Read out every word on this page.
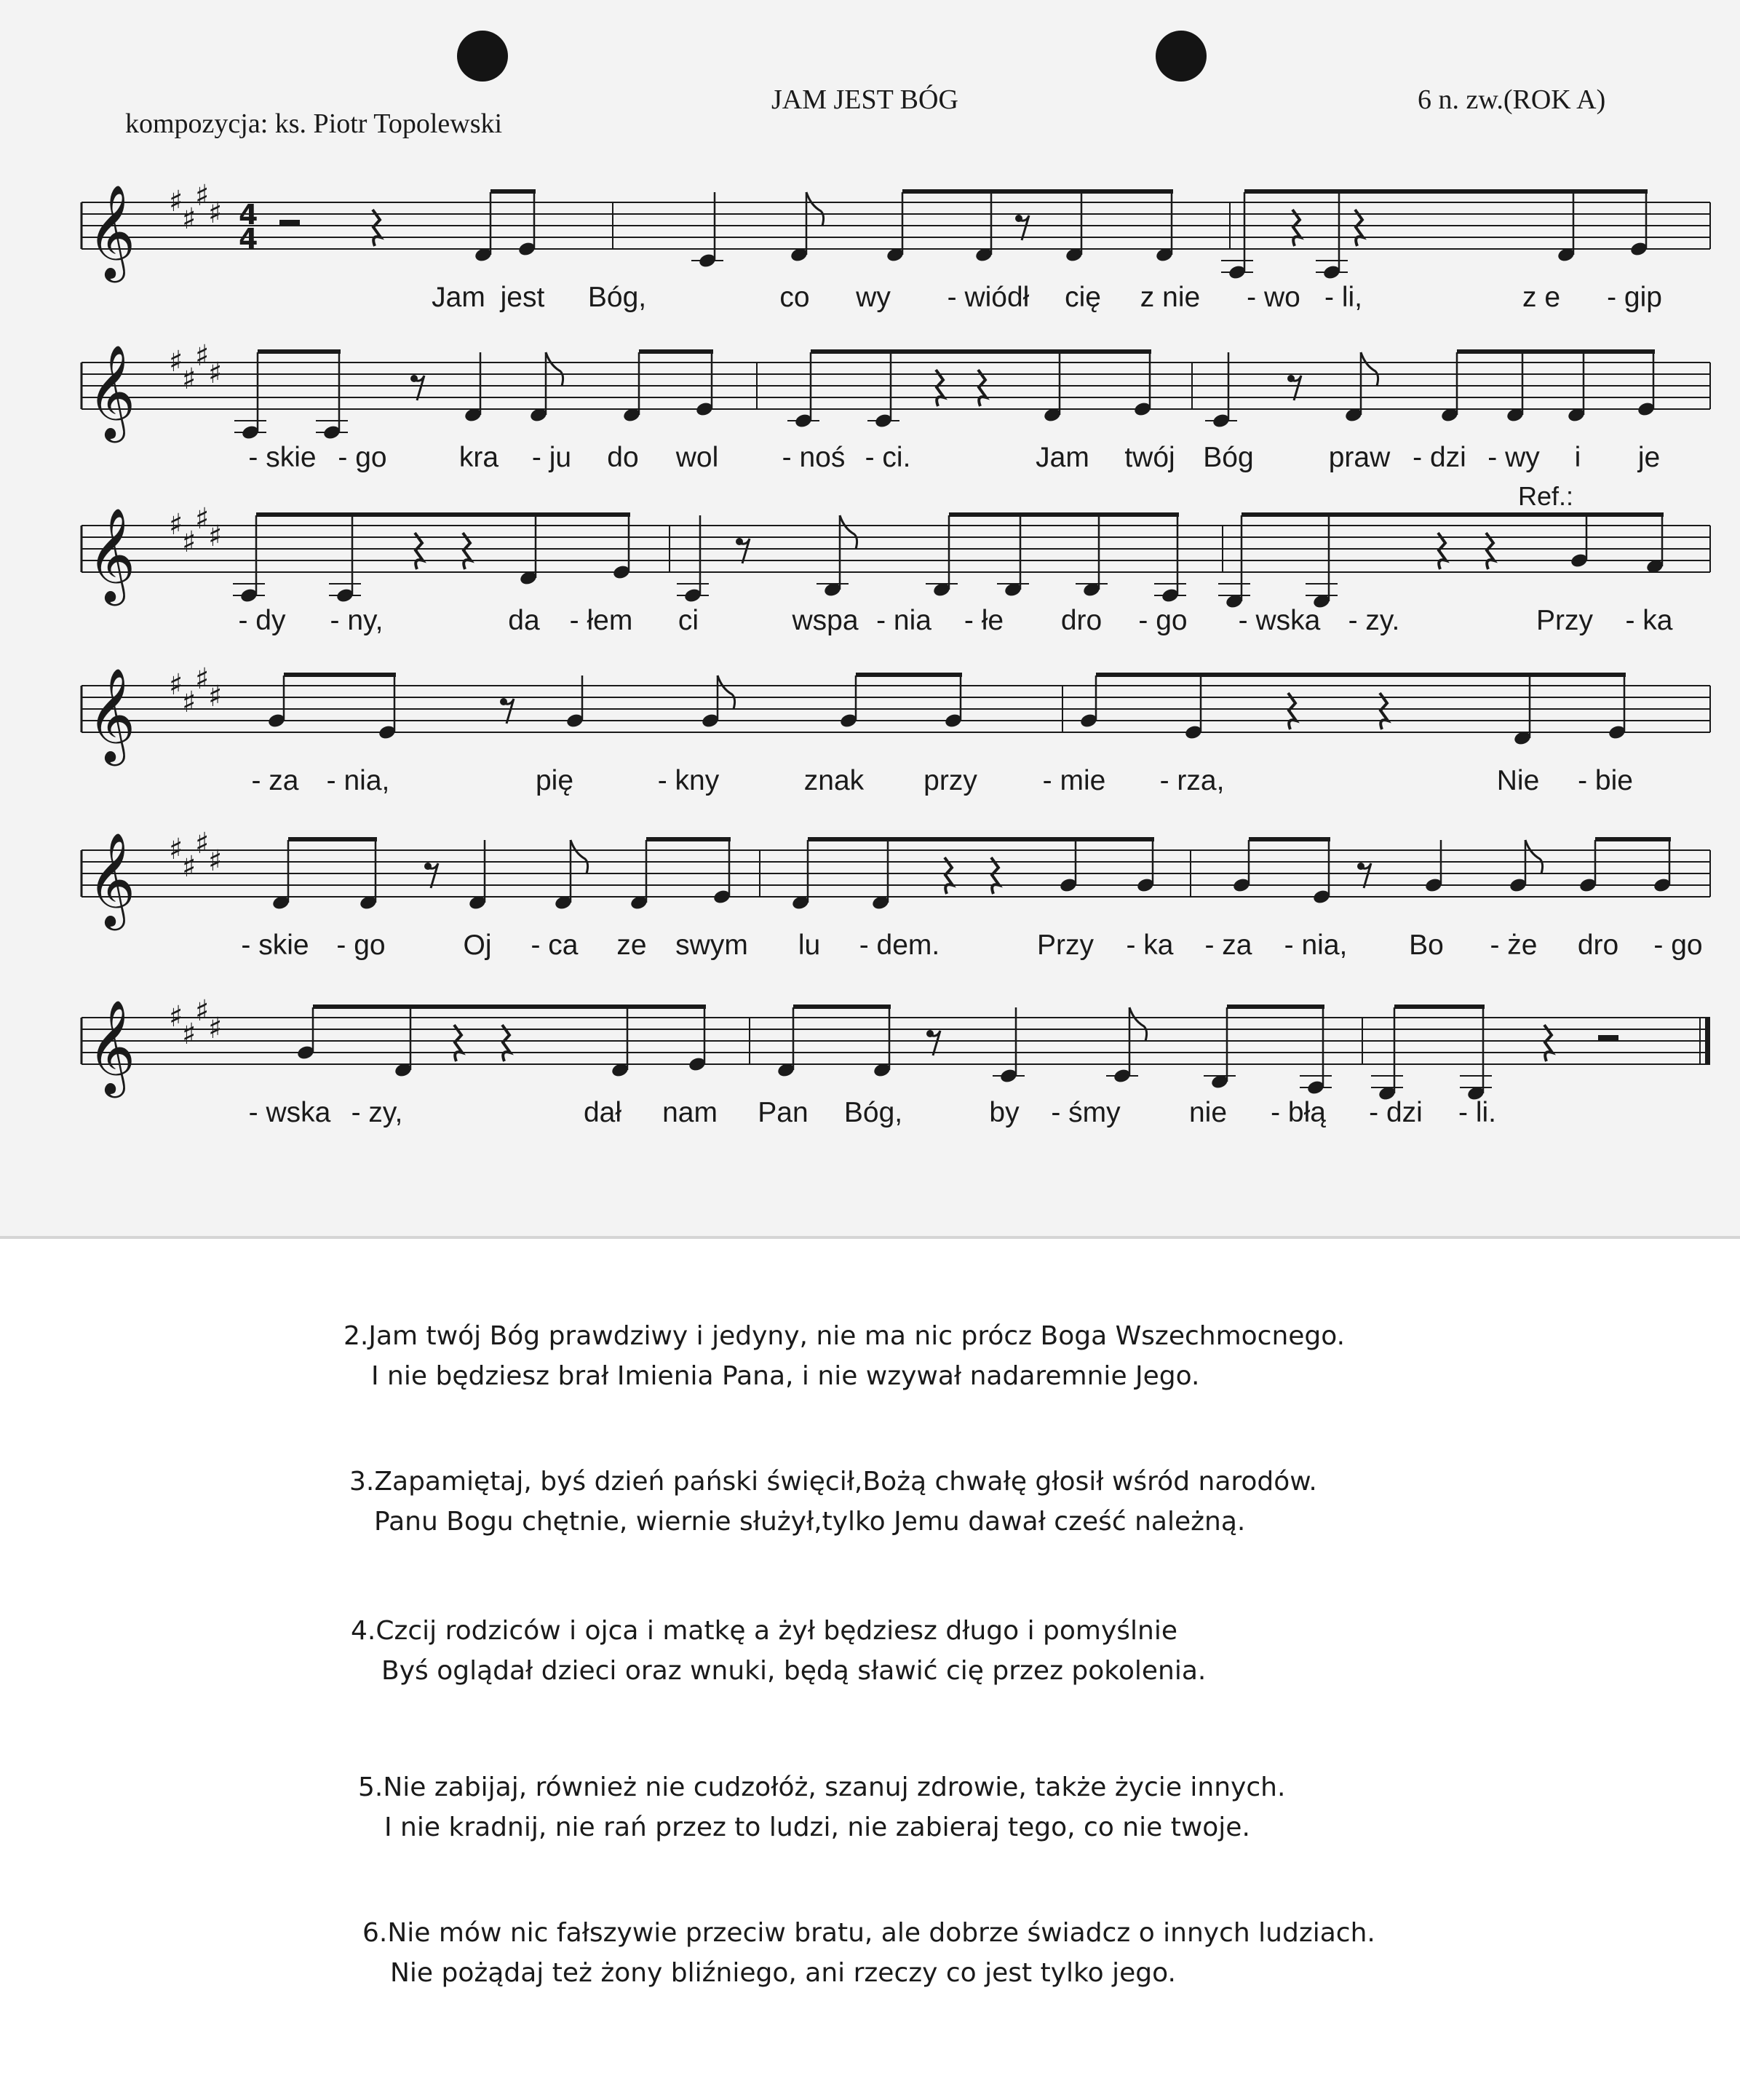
JAM JEST BÓG
kompozycja: ks. Piotr Topolewski
6 n. zw.(ROK A)
𝄞 ♯
♯
♯
♯ 4
4
Jam jest Bóg,	co wy - wiódł cię z nie - wo - li,	z e - gip
𝄞 ♯
♯
♯
♯
- skie - go	kra - ju do wol - noś - ci.	Jam twój Bóg	praw - dzi - wy i je
𝄞 ♯
♯
♯
♯
- dy - ny,	da - łem ci	wspa - nia - łe dro - go - wska - zy.	Przy - ka
Ref.:
𝄞 ♯
♯
♯
♯
- za - nia,	pię	- kny	znak przy - mie - rza,	Nie - bie
𝄞 ♯
♯
♯
♯
- skie - go	Oj - ca ze swym lu - dem.	Przy - ka - za - nia, Bo - że dro - go
𝄞 ♯
♯
♯
♯
- wska - zy,	dał nam Pan Bóg,	by - śmy nie - błą - dzi - li.
2.Jam twój Bóg prawdziwy i jedyny, nie ma nic prócz Boga Wszechmocnego.
I nie będziesz brał Imienia Pana, i nie wzywał nadaremnie Jego.
3.Zapamiętaj, byś dzień pański święcił,Bożą chwałę głosił wśród narodów.
Panu Bogu chętnie, wiernie służył,tylko Jemu dawał cześć należną.
4.Czcij rodziców i ojca i matkę a żył będziesz długo i pomyślnie
Byś oglądał dzieci oraz wnuki, będą sławić cię przez pokolenia.
5.Nie zabijaj, również nie cudzołóż, szanuj zdrowie, także życie innych.
I nie kradnij, nie rań przez to ludzi, nie zabieraj tego, co nie twoje.
6.Nie mów nic fałszywie przeciw bratu, ale dobrze świadcz o innych ludziach.
Nie pożądaj też żony bliźniego, ani rzeczy co jest tylko jego.
